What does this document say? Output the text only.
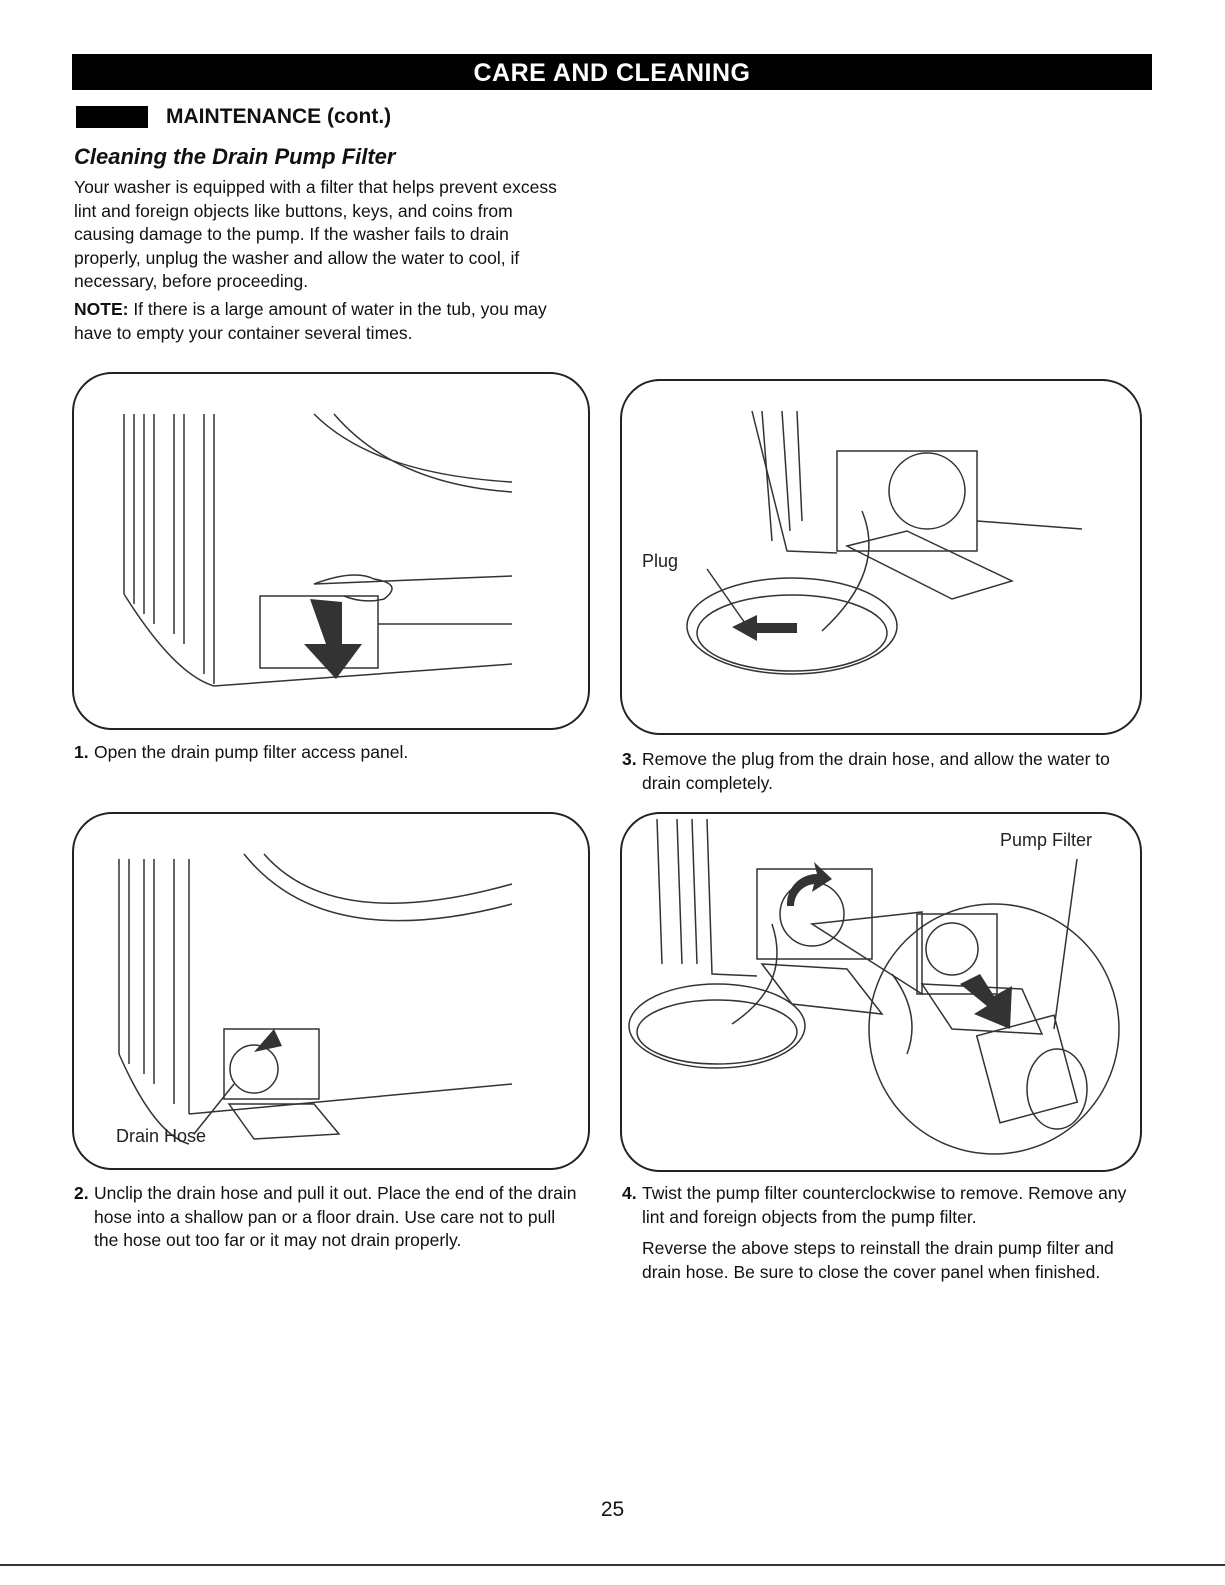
CARE AND CLEANING
MAINTENANCE (cont.)
Cleaning the Drain Pump Filter

Your washer is equipped with a filter that helps prevent excess lint and foreign objects like buttons, keys, and coins from causing damage to the pump. If the washer fails to drain properly, unplug the washer and allow the water to cool, if necessary, before proceeding.

NOTE: If there is a large amount of water in the tub, you may have to empty your container several times.

1. Open the drain pump filter access panel.
Drain Hose
2. Unclip the drain hose and pull it out. Place the end of the drain hose into a shallow pan or a floor drain. Use care not to pull the hose out too far or it may not drain properly.
Plug
3. Remove the plug from the drain hose, and allow the water to drain completely.
Pump Filter
4. Twist the pump filter counterclockwise to remove. Remove any lint and foreign objects from the pump filter.
Reverse the above steps to reinstall the drain pump filter and drain hose. Be sure to close the cover panel when finished.
25
